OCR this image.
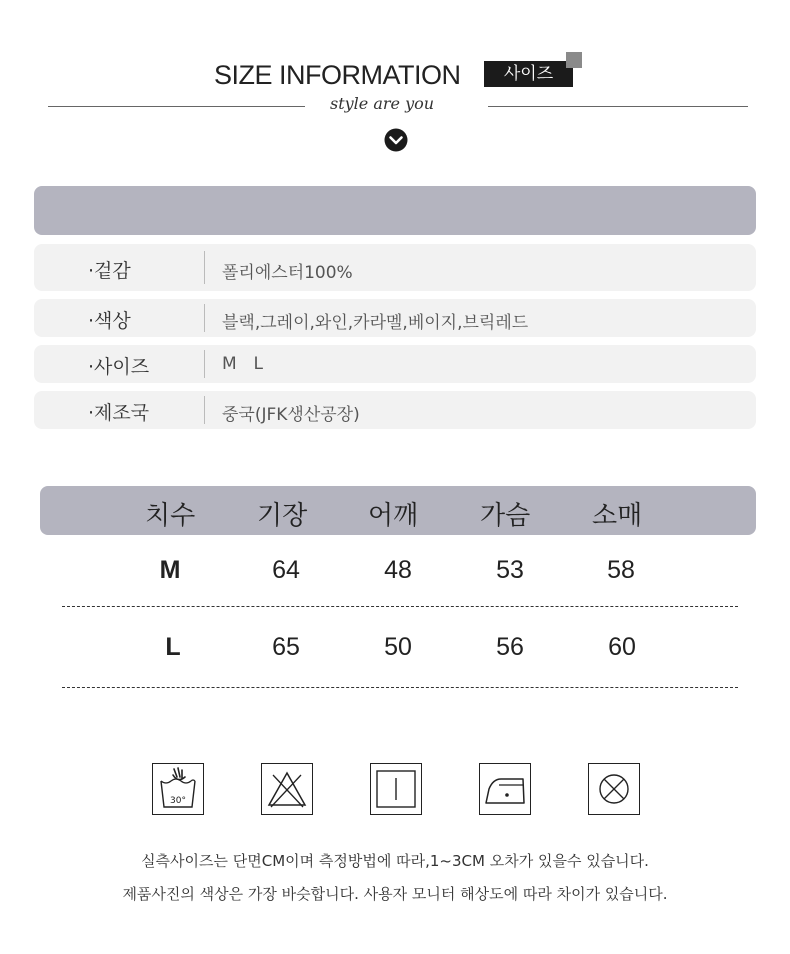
SIZE INFORMATION	사이즈
style are you
·겉감	폴리에스터100%
·색상	블랙,그레이,와인,카라멜,베이지,브릭레드
·사이즈	M  L
·제조국	중국(JFK생산공장)
치수 기장 어깨 가슴 소매
M	64	48	53	58
L	65	50	56	60
30°
실측사이즈는 단면CM이며 측정방법에 따라,1~3CM 오차가 있을수 있습니다.
제품사진의 색상은 가장 바슷합니다. 사용자 모니터 해상도에 따라 차이가 있습니다.
